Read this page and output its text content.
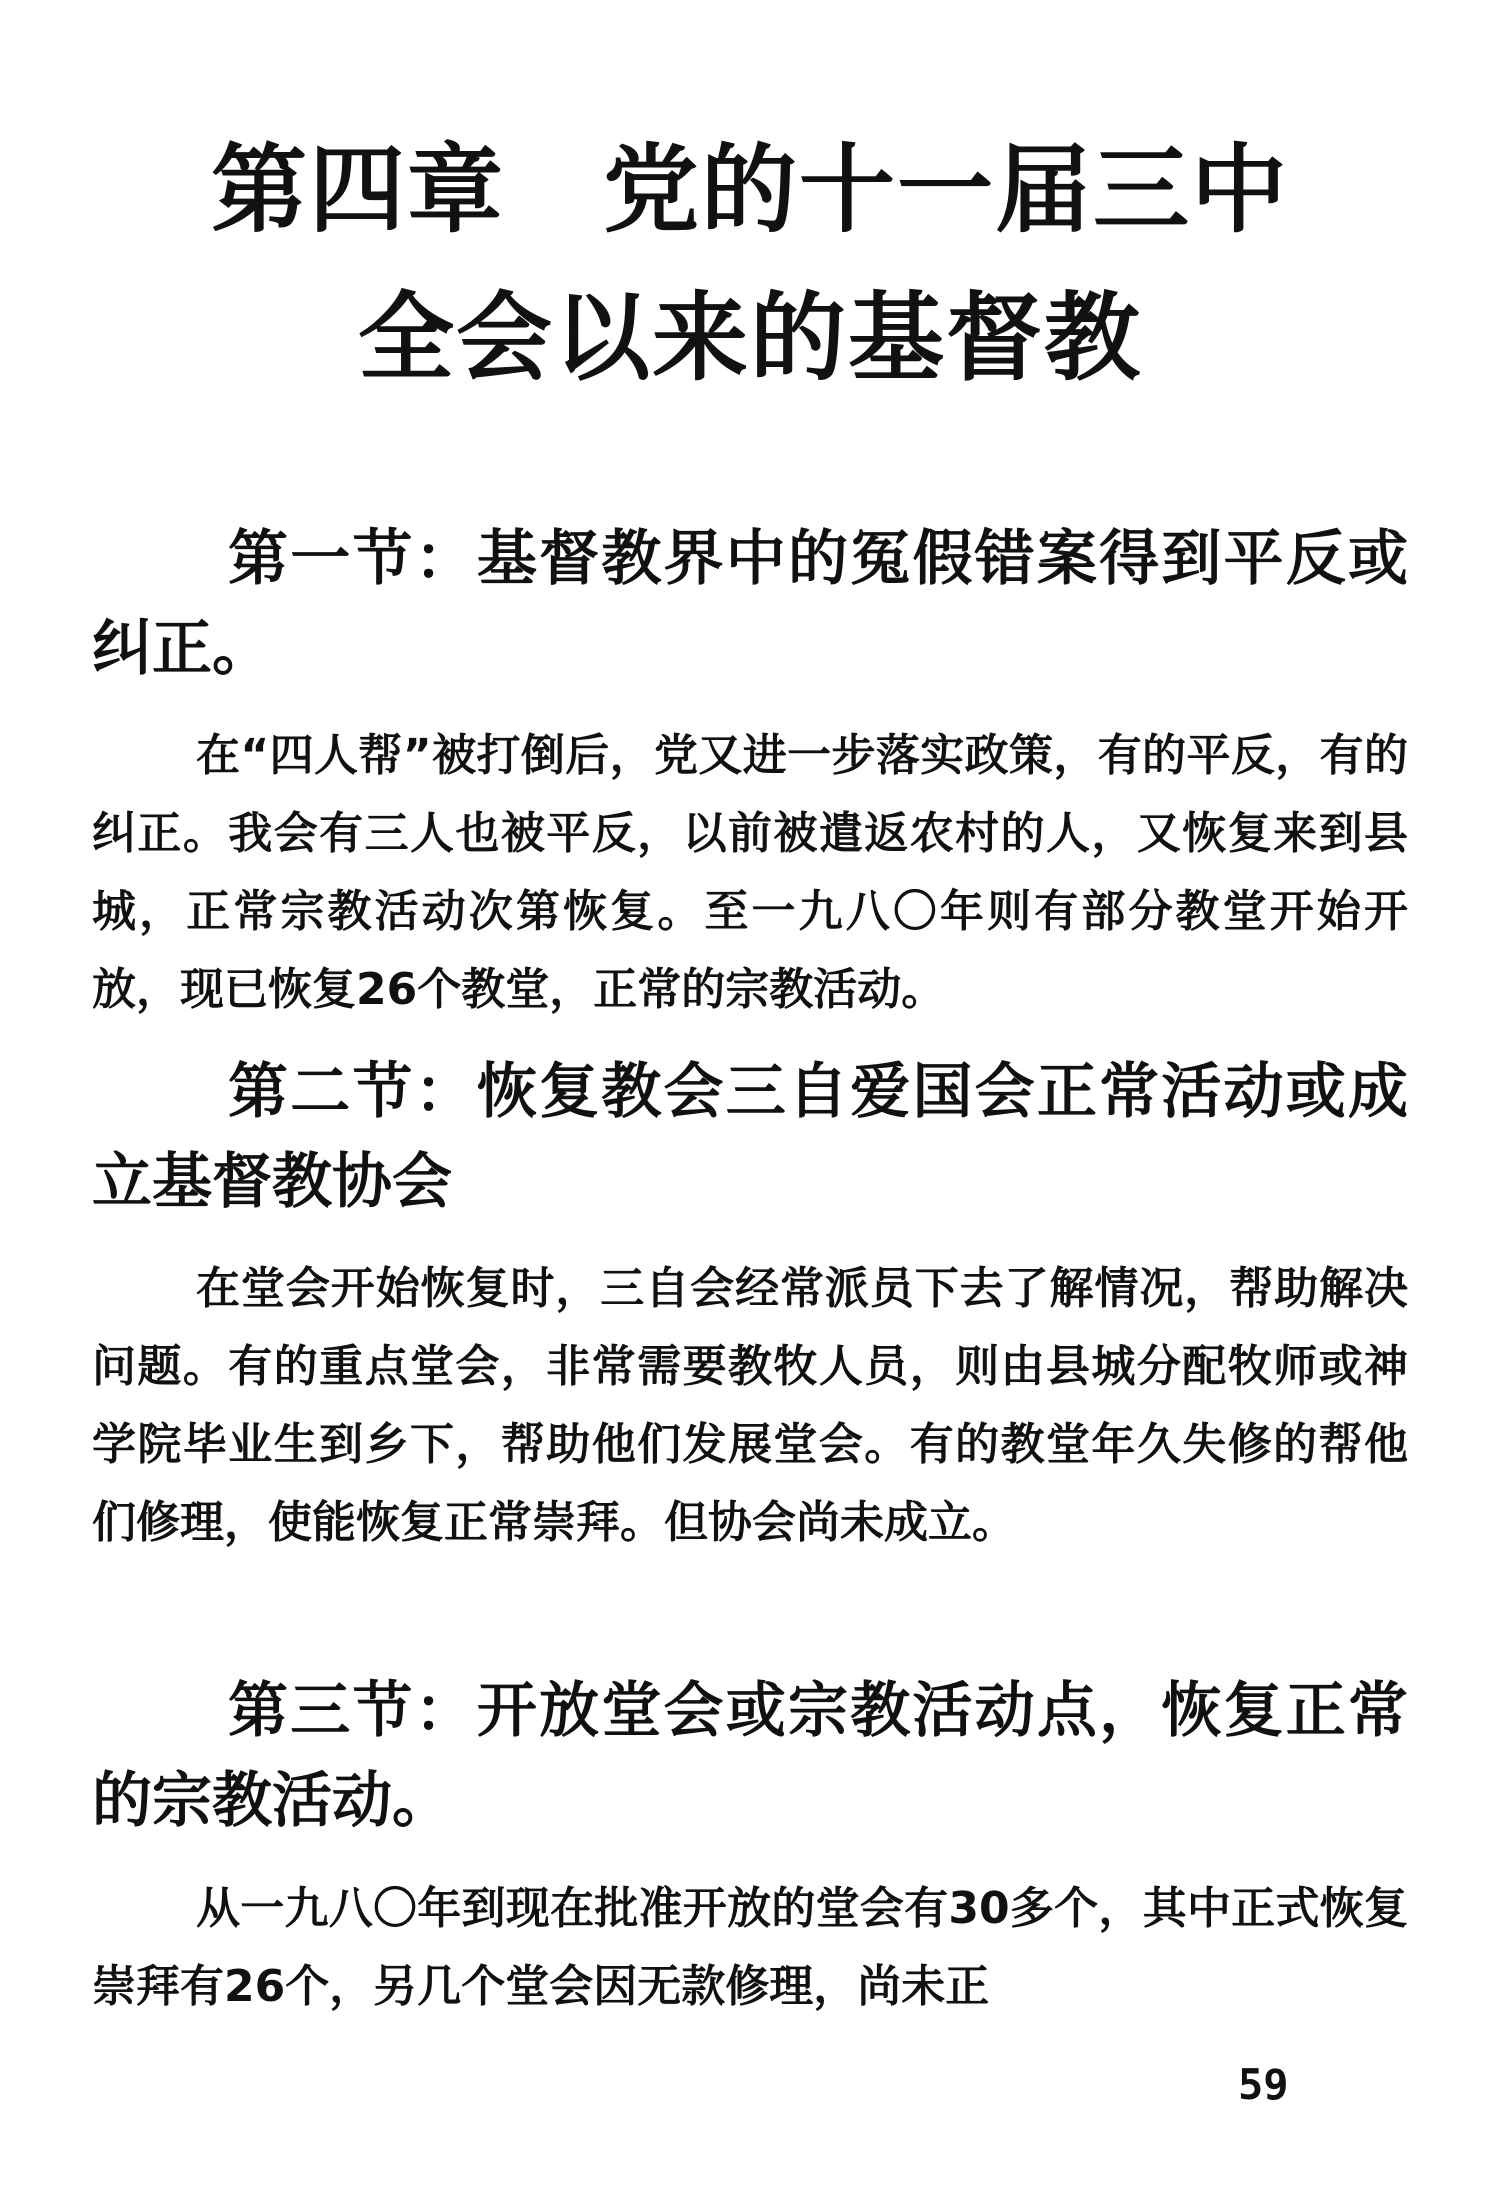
第四章　党的十一届三中
全会以来的基督教
第一节：基督教界中的冤假错案得到平反或纠正。

在“四人帮”被打倒后，党又进一步落实政策，有的平反，有的纠正。我会有三人也被平反，以前被遣返农村的人，又恢复来到县城，正常宗教活动次第恢复。至一九八〇年则有部分教堂开始开放，现已恢复26个教堂，正常的宗教活动。

第二节：恢复教会三自爱国会正常活动或成立基督教协会

在堂会开始恢复时，三自会经常派员下去了解情况，帮助解决问题。有的重点堂会，非常需要教牧人员，则由县城分配牧师或神学院毕业生到乡下，帮助他们发展堂会。有的教堂年久失修的帮他们修理，使能恢复正常崇拜。但协会尚未成立。

第三节：开放堂会或宗教活动点，恢复正常的宗教活动。

从一九八〇年到现在批准开放的堂会有30多个，其中正式恢复崇拜有26个，另几个堂会因无款修理，尚未正

59
